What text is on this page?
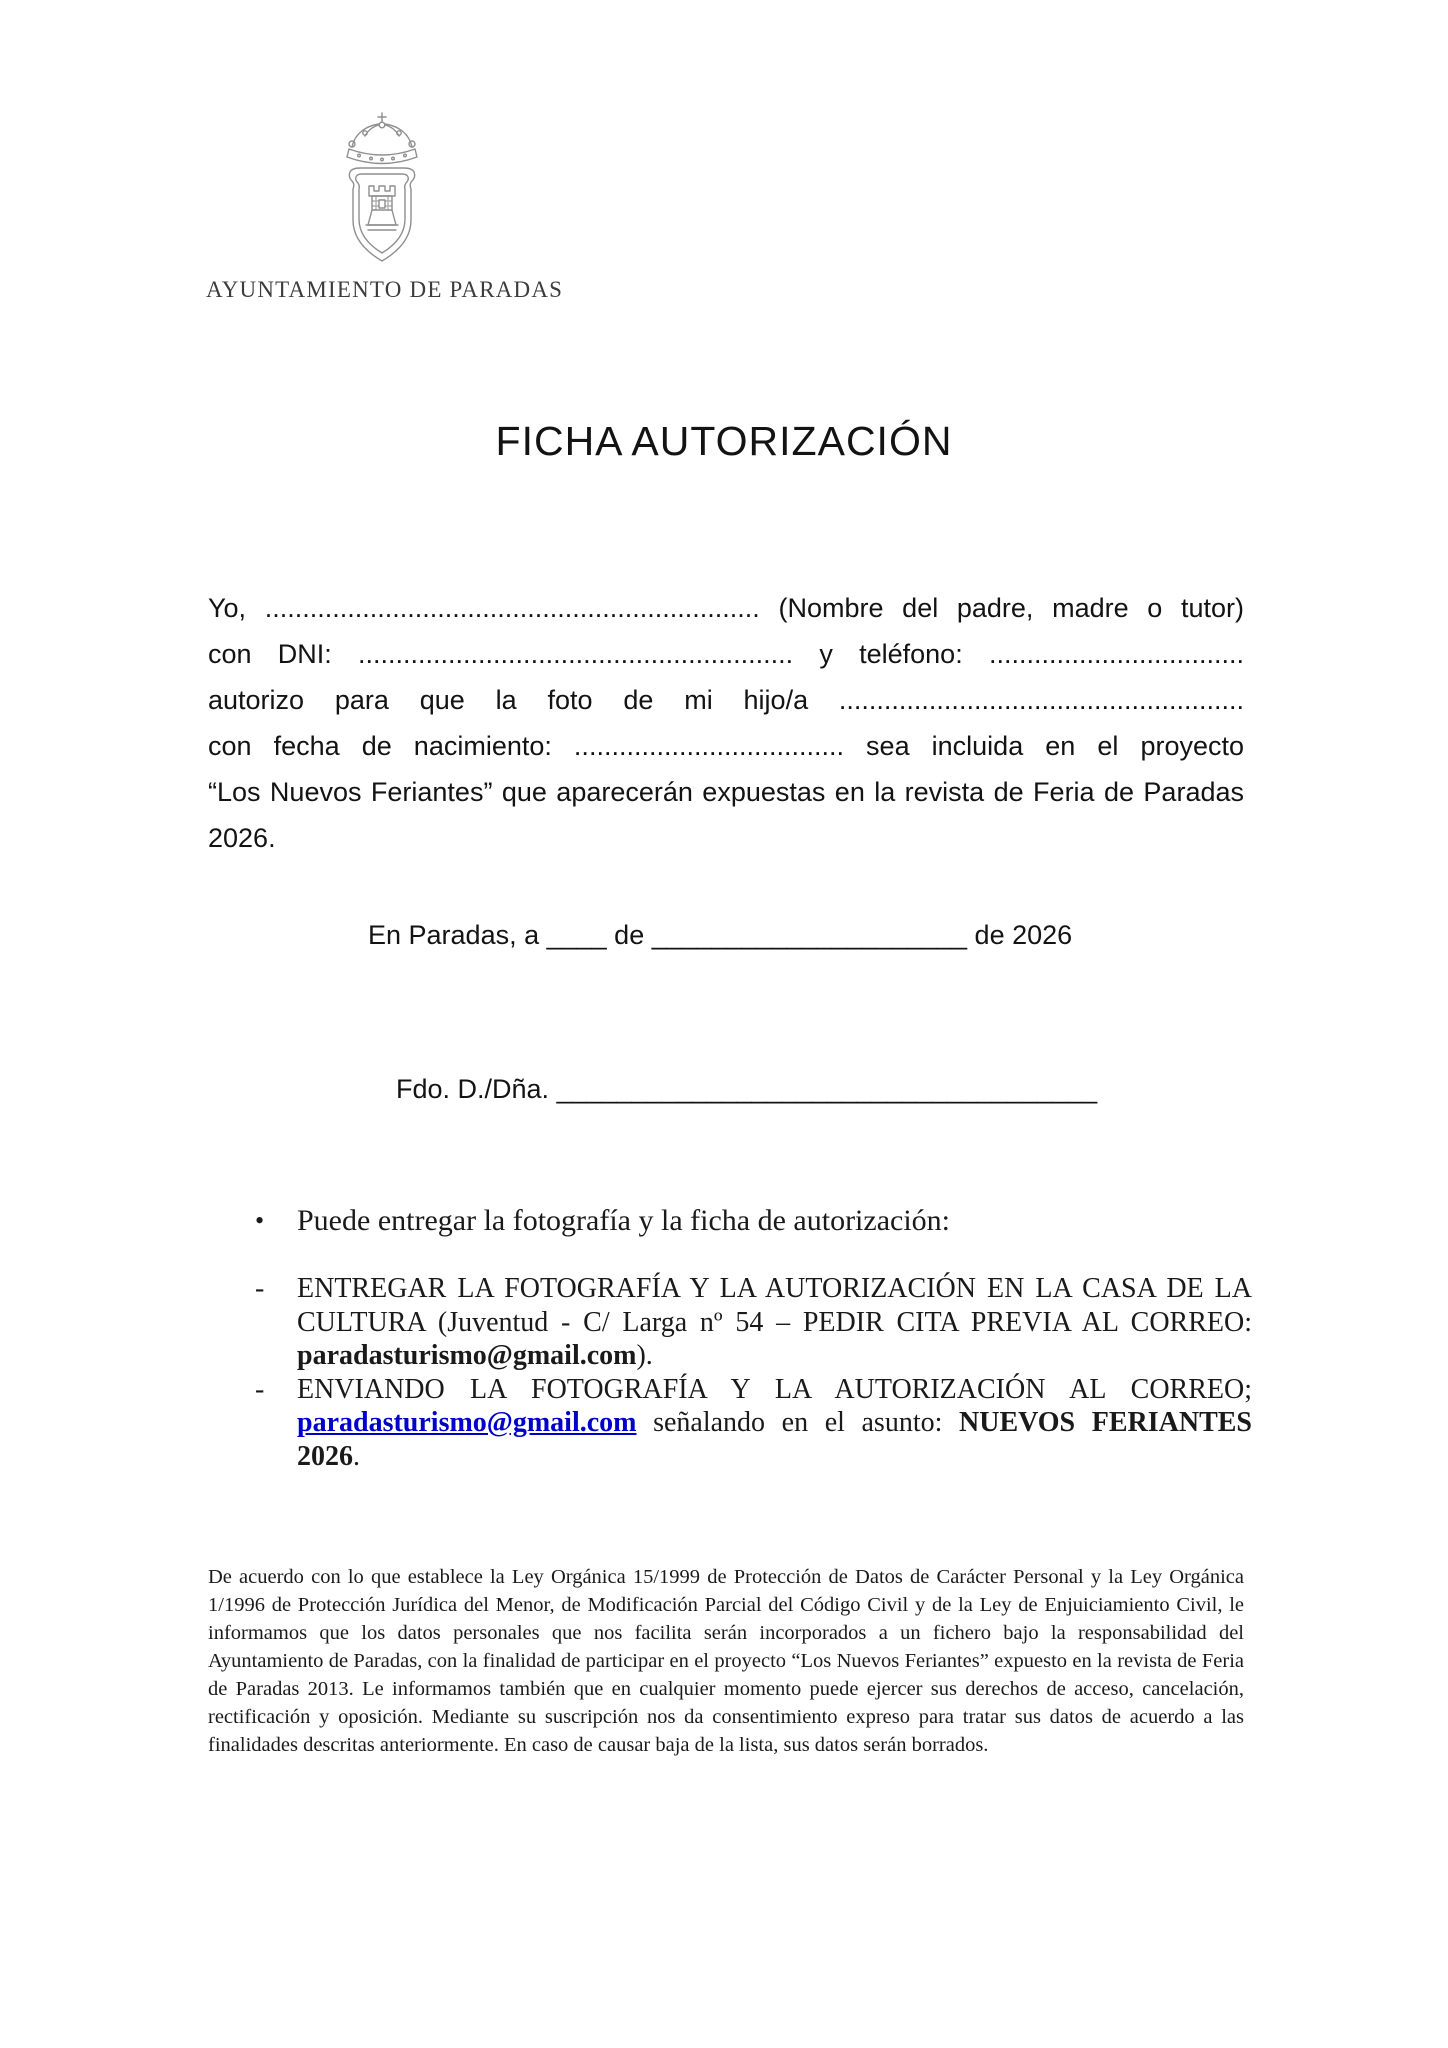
AYUNTAMIENTO DE PARADAS
FICHA AUTORIZACIÓN
Yo, .................................................................. (Nombre del padre, madre o tutor)
con DNI: .......................................................... y teléfono: ..................................
autorizo para que la foto de mi hijo/a ......................................................
con fecha de nacimiento: .................................... sea incluida en el proyecto
“Los Nuevos Feriantes” que aparecerán expuestas en la revista de Feria de Paradas
2026.
En Paradas, a ____ de _____________________ de 2026
Fdo. D./Dña. ____________________________________
• Puede entregar la fotografía y la ficha de autorización:
-	ENTREGAR LA FOTOGRAFÍA Y LA AUTORIZACIÓN EN LA CASA DE LA CULTURA (Juventud - C/ Larga nº 54 – PEDIR CITA PREVIA AL CORREO: paradasturismo@gmail.com).
-	ENVIANDO LA FOTOGRAFÍA Y LA AUTORIZACIÓN AL CORREO; paradasturismo@gmail.com señalando en el asunto: NUEVOS FERIANTES 2026.
De acuerdo con lo que establece la Ley Orgánica 15/1999 de Protección de Datos de Carácter Personal y la Ley Orgánica 1/1996 de Protección Jurídica del Menor, de Modificación Parcial del Código Civil y de la Ley de Enjuiciamiento Civil, le informamos que los datos personales que nos facilita serán incorporados a un fichero bajo la responsabilidad del Ayuntamiento de Paradas, con la finalidad de participar en el proyecto “Los Nuevos Feriantes” expuesto en la revista de Feria de Paradas 2013. Le informamos también que en cualquier momento puede ejercer sus derechos de acceso, cancelación, rectificación y oposición. Mediante su suscripción nos da consentimiento expreso para tratar sus datos de acuerdo a las finalidades descritas anteriormente. En caso de causar baja de la lista, sus datos serán borrados.
